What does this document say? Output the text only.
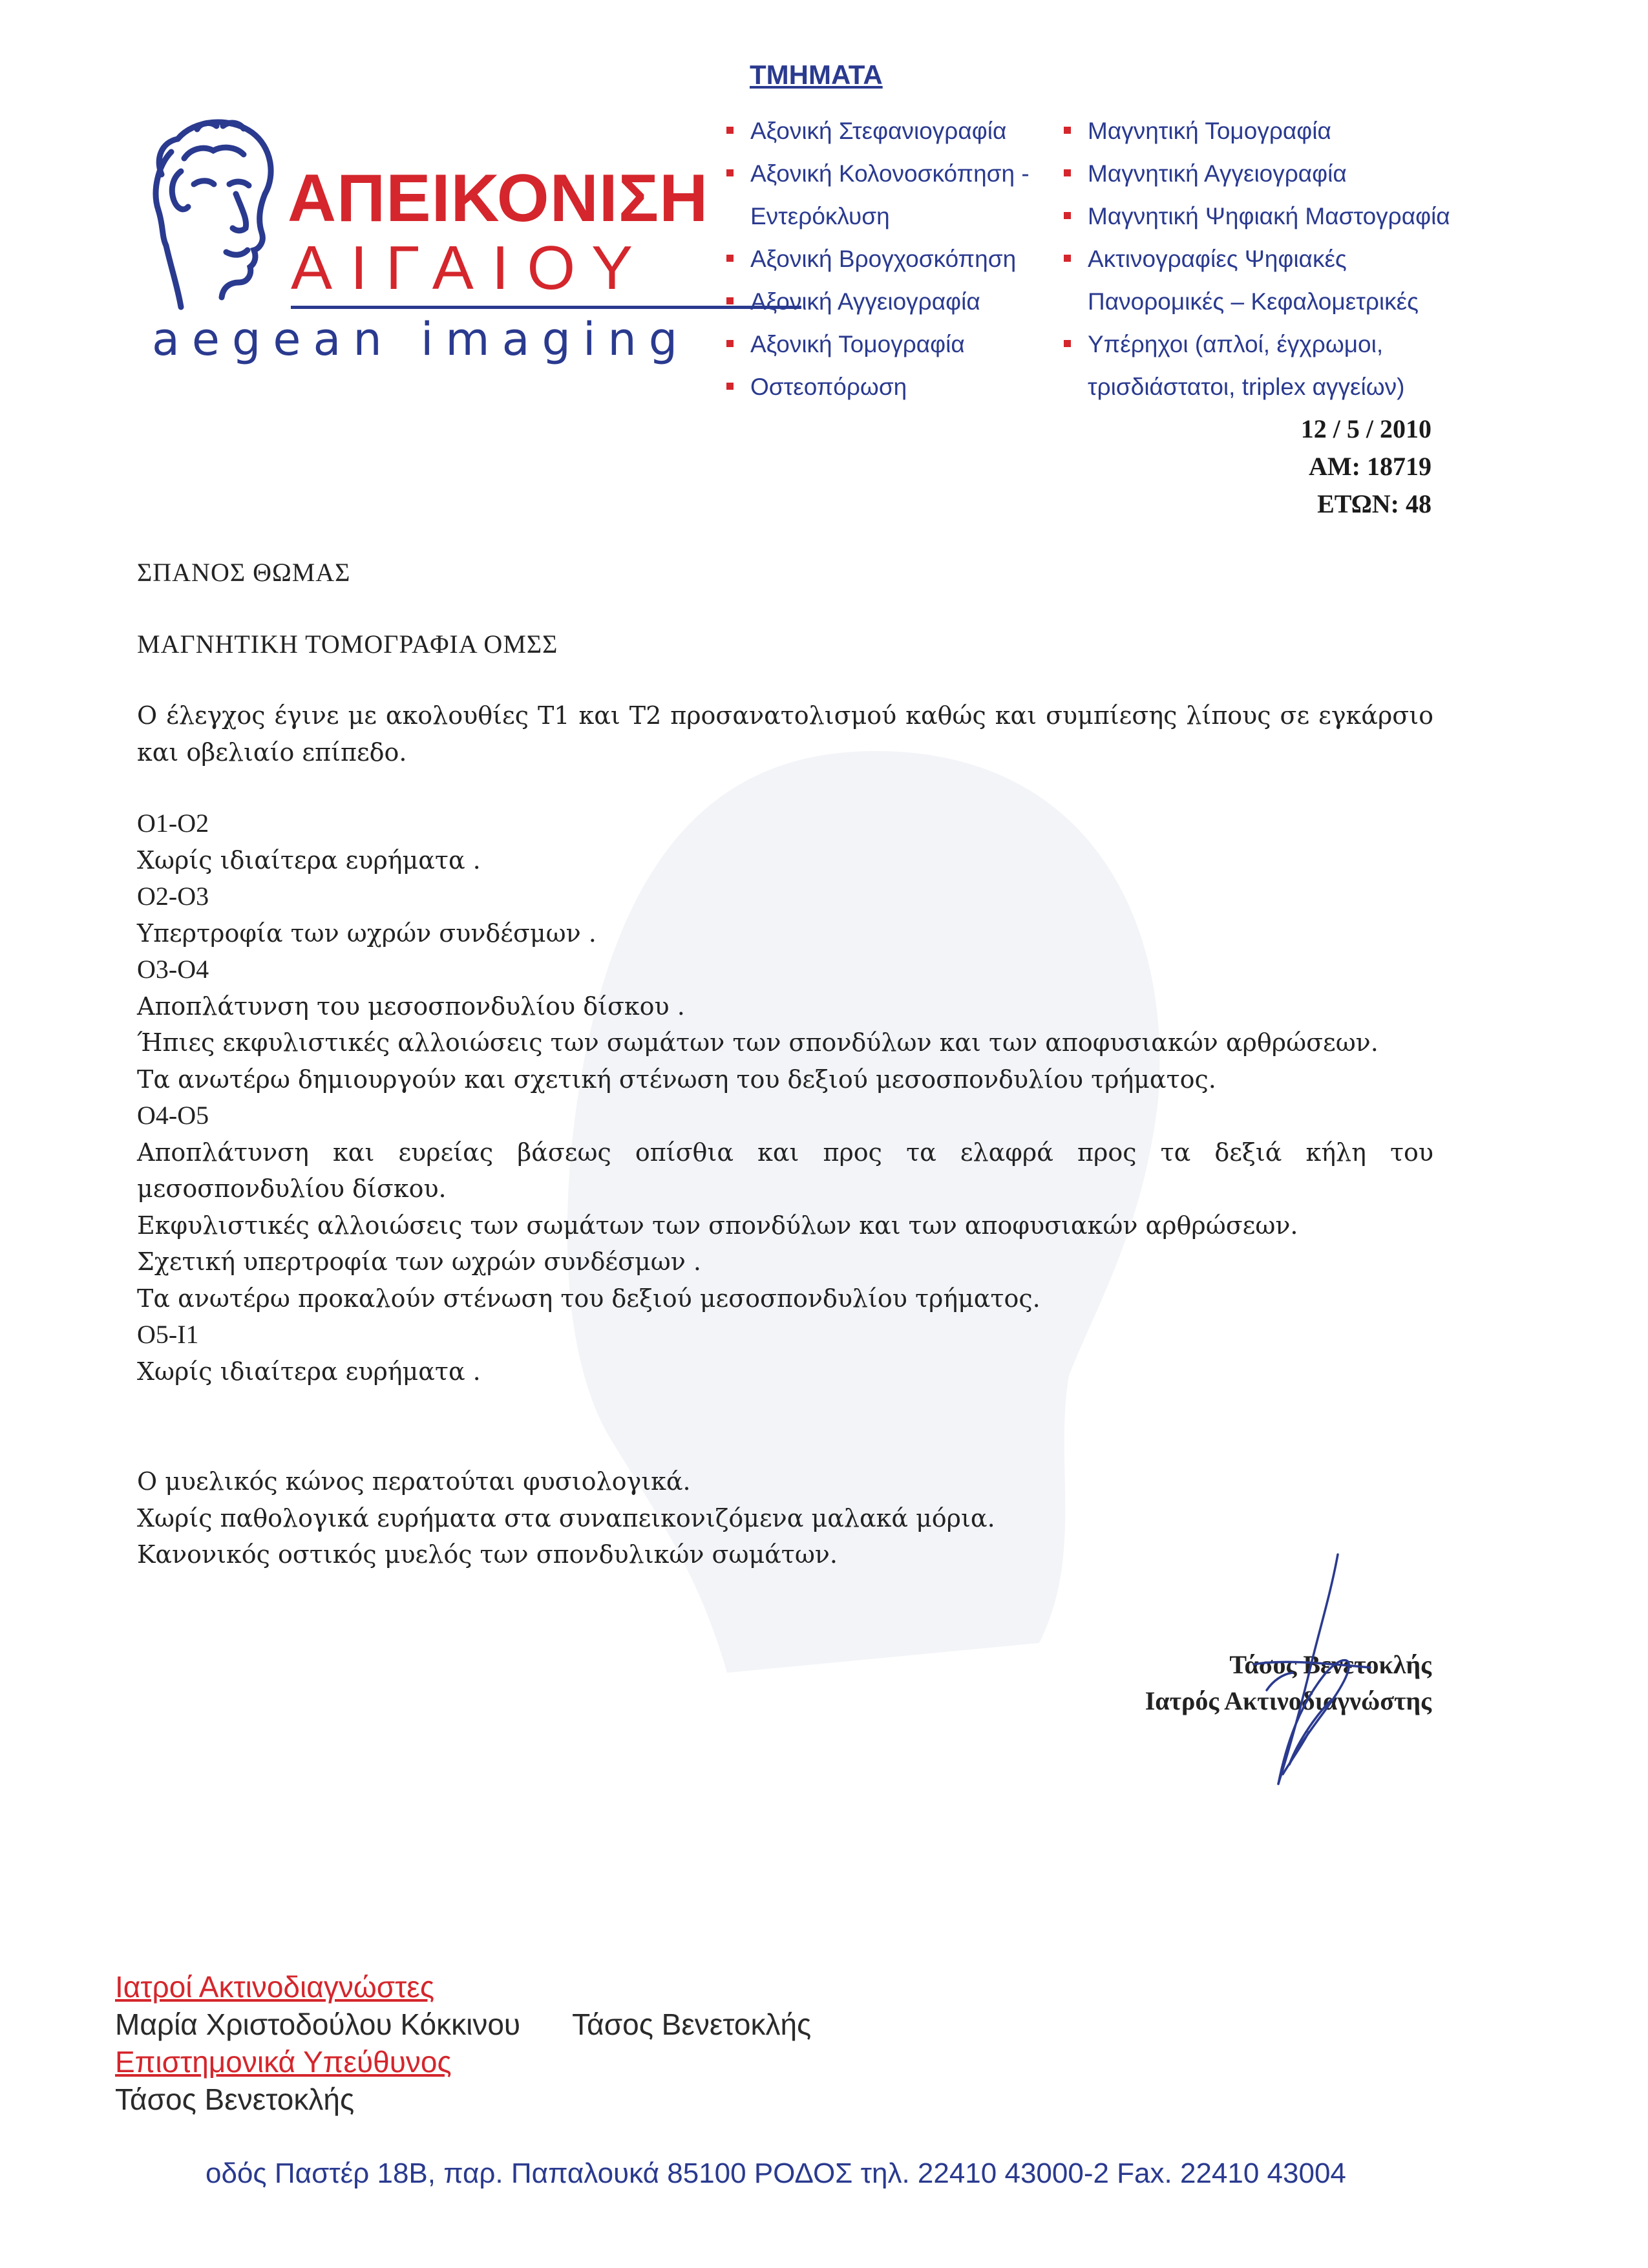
ΑΠΕΙΚΟΝΙΣΗ
ΑΙΓΑΙΟΥ
aegean imaging
ΤΜΗΜΑΤΑ
Αξονική Στεφανιογραφία
Αξονική Κολονοσκόπηση -
Εντερόκλυση
Αξονική Βρογχοσκόπηση
Αξονική Αγγειογραφία
Αξονική Τομογραφία
Οστεοπόρωση
Μαγνητική Τομογραφία
Μαγνητική Αγγειογραφία
Μαγνητική Ψηφιακή Μαστογραφία
Ακτινογραφίες Ψηφιακές
Πανορομικές – Κεφαλομετρικές
Υπέρηχοι (απλοί, έγχρωμοι,
τρισδιάστατοι, triplex αγγείων)
12 / 5 / 2010
ΑΜ: 18719
ΕΤΩΝ: 48

ΣΠΑΝΟΣ ΘΩΜΑΣ

ΜΑΓΝΗΤΙΚΗ ΤΟΜΟΓΡΑΦΙΑ ΟΜΣΣ

Ο έλεγχος έγινε με ακολουθίες Τ1 και Τ2 προσανατολισμού καθώς και συμπίεσης λίπους σε εγκάρσιο και οβελιαίο επίπεδο.

Ο1-Ο2

Χωρίς ιδιαίτερα ευρήματα .

Ο2-Ο3

Υπερτροφία των ωχρών συνδέσμων .

Ο3-Ο4

Αποπλάτυνση του μεσοσπονδυλίου δίσκου .

Ήπιες εκφυλιστικές αλλοιώσεις των σωμάτων των σπονδύλων και των αποφυσιακών αρθρώσεων.

Τα ανωτέρω δημιουργούν και σχετική στένωση του δεξιού μεσοσπονδυλίου τρήματος.

Ο4-Ο5

Αποπλάτυνση και ευρείας βάσεως οπίσθια και προς τα ελαφρά προς τα δεξιά κήλη του

μεσοσπονδυλίου δίσκου.

Εκφυλιστικές αλλοιώσεις των σωμάτων των σπονδύλων και των αποφυσιακών αρθρώσεων.

Σχετική υπερτροφία των ωχρών συνδέσμων .

Τα ανωτέρω προκαλούν στένωση του δεξιού μεσοσπονδυλίου τρήματος.

Ο5-Ι1

Χωρίς ιδιαίτερα ευρήματα .

Ο μυελικός κώνος περατούται φυσιολογικά.

Χωρίς παθολογικά ευρήματα στα συναπεικονιζόμενα μαλακά μόρια.

Κανονικός οστικός μυελός των σπονδυλικών σωμάτων.

Τάσος Βενετοκλής
Ιατρός Ακτινοδιαγνώστης
Ιατροί Ακτινοδιαγνώστες
Μαρία Χριστοδούλου Κόκκινου Τάσος Βενετοκλής
Επιστημονικά Υπεύθυνος
Τάσος Βενετοκλής
οδός Παστέρ 18Β, παρ. Παπαλουκά 85100 ΡΟΔΟΣ τηλ. 22410 43000-2 Fax. 22410 43004
